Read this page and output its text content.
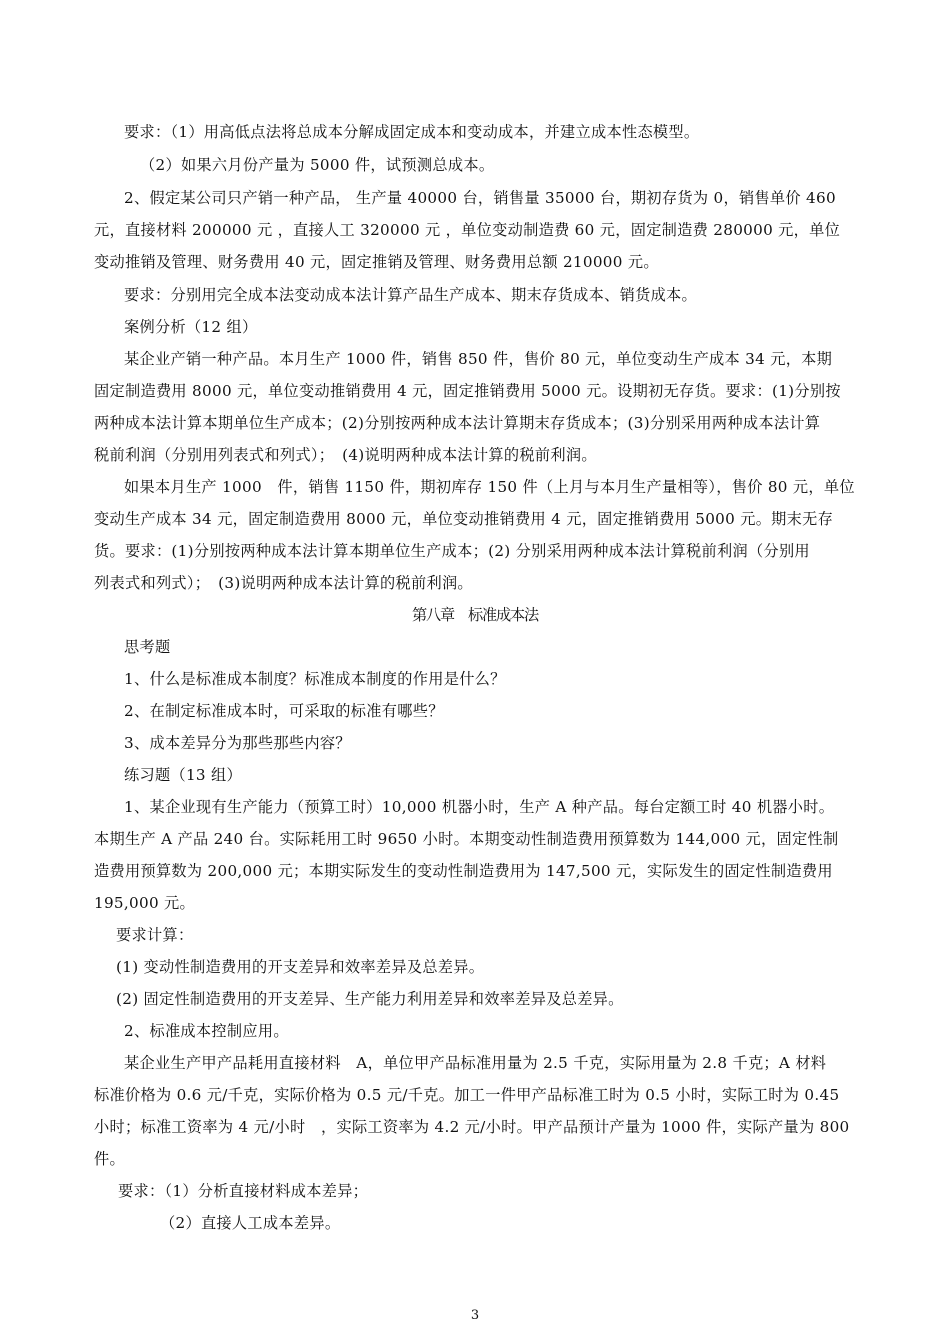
要求：（1）用高低点法将总成本分解成固定成本和变动成本，并建立成本性态模型。
（2）如果六月份产量为 5000 件，试预测总成本。
2、假定某公司只产销一种产品， 生产量 40000 台，销售量 35000 台，期初存货为 0，销售单价 460
元，直接材料 200000 元 ，直接人工 320000 元 ，单位变动制造费 60 元，固定制造费 280000 元，单位
变动推销及管理、财务费用 40 元，固定推销及管理、财务费用总额 210000 元。
要求：分别用完全成本法变动成本法计算产品生产成本、期末存货成本、销货成本。
案例分析（12 组）
某企业产销一种产品。本月生产 1000 件，销售 850 件，售价 80 元，单位变动生产成本 34 元，本期
固定制造费用 8000 元，单位变动推销费用 4 元，固定推销费用 5000 元。设期初无存货。要求：(1)分别按
两种成本法计算本期单位生产成本；(2)分别按两种成本法计算期末存货成本；(3)分别采用两种成本法计算
税前利润（分别用列表式和列式）；　(4)说明两种成本法计算的税前利润。
如果本月生产 1000　件，销售 1150 件，期初库存 150 件（上月与本月生产量相等），售价 80 元，单位
变动生产成本 34 元，固定制造费用 8000 元，单位变动推销费用 4 元，固定推销费用 5000 元。期末无存
货。要求：(1)分别按两种成本法计算本期单位生产成本；(2) 分别采用两种成本法计算税前利润（分别用
列表式和列式）；　(3)说明两种成本法计算的税前利润。
第八章　标准成本法
思考题
1、什么是标准成本制度？标准成本制度的作用是什么？
2、在制定标准成本时，可采取的标准有哪些？
3、成本差异分为那些那些内容？
练习题（13 组）
1、某企业现有生产能力（预算工时）10,000 机器小时，生产 A 种产品。每台定额工时 40 机器小时。
本期生产 A 产品 240 台。实际耗用工时 9650 小时。本期变动性制造费用预算数为 144,000 元，固定性制
造费用预算数为 200,000 元；本期实际发生的变动性制造费用为 147,500 元，实际发生的固定性制造费用
195,000 元。
要求计算：
(1) 变动性制造费用的开支差异和效率差异及总差异。
(2) 固定性制造费用的开支差异、生产能力利用差异和效率差异及总差异。
2、标准成本控制应用。
某企业生产甲产品耗用直接材料　A，单位甲产品标准用量为 2.5 千克，实际用量为 2.8 千克；A 材料
标准价格为 0.6 元/千克，实际价格为 0.5 元/千克。加工一件甲产品标准工时为 0.5 小时，实际工时为 0.45
小时；标准工资率为 4 元/小时　，实际工资率为 4.2 元/小时。甲产品预计产量为 1000 件，实际产量为 800
件。
要求：（1）分析直接材料成本差异；
（2）直接人工成本差异。
3
